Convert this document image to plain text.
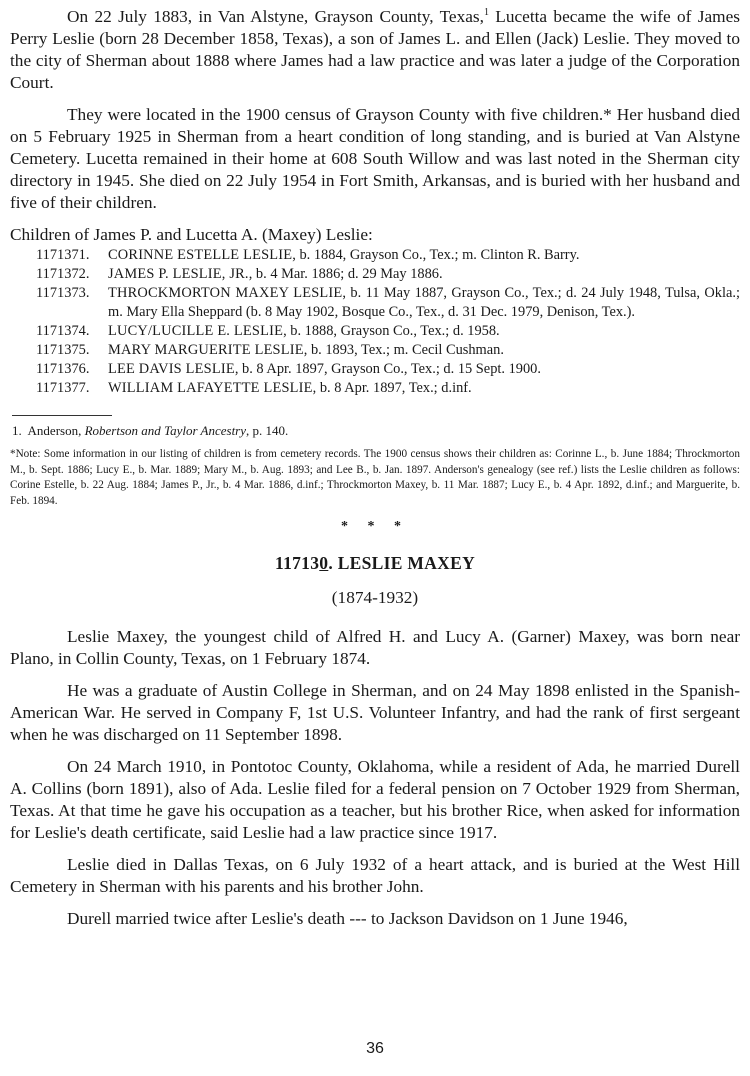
On 22 July 1883, in Van Alstyne, Grayson County, Texas,$^1$ Lucetta became the wife of James Perry Leslie (born 28 December 1858, Texas), a son of James L. and Ellen (Jack) Leslie. They moved to the city of Sherman about 1888 where James had a law practice and was later a judge of the Corporation Court.

They were located in the 1900 census of Grayson County with five children.* Her husband died on 5 February 1925 in Sherman from a heart condition of long standing, and is buried at Van Alstyne Cemetery. Lucetta remained in their home at 608 South Willow and was last noted in the Sherman city directory in 1945. She died on 22 July 1954 in Fort Smith, Arkansas, and is buried with her husband and five of their children.

Children of James P. and Lucetta A. (Maxey) Leslie:
1171371.	CORINNE ESTELLE LESLIE, b. 1884, Grayson Co., Tex.; m. Clinton R. Barry.
1171372.	JAMES P. LESLIE, JR., b. 4 Mar. 1886; d. 29 May 1886.
1171373.	THROCKMORTON MAXEY LESLIE, b. 11 May 1887, Grayson Co., Tex.; d. 24 July 1948, Tulsa, Okla.; m. Mary Ella Sheppard (b. 8 May 1902, Bosque Co., Tex., d. 31 Dec. 1979, Denison, Tex.).
1171374.	LUCY/LUCILLE E. LESLIE, b. 1888, Grayson Co., Tex.; d. 1958.
1171375.	MARY MARGUERITE LESLIE, b. 1893, Tex.; m. Cecil Cushman.
1171376.	LEE DAVIS LESLIE, b. 8 Apr. 1897, Grayson Co., Tex.; d. 15 Sept. 1900.
1171377.	WILLIAM LAFAYETTE LESLIE, b. 8 Apr. 1897, Tex.; d.inf.
1. Anderson, Robertson and Taylor Ancestry, p. 140.
*Note: Some information in our listing of children is from cemetery records. The 1900 census shows their children as: Corinne L., b. June 1884; Throckmorton M., b. Sept. 1886; Lucy E., b. Mar. 1889; Mary M., b. Aug. 1893; and Lee B., b. Jan. 1897. Anderson's genealogy (see ref.) lists the Leslie children as follows: Corine Estelle, b. 22 Aug. 1884; James P., Jr., b. 4 Mar. 1886, d.inf.; Throckmorton Maxey, b. 11 Mar. 1887; Lucy E., b. 4 Apr. 1892, d.inf.; and Marguerite, b. Feb. 1894.
* * *
117130. LESLIE MAXEY
(1874-1932)

Leslie Maxey, the youngest child of Alfred H. and Lucy A. (Garner) Maxey, was born near Plano, in Collin County, Texas, on 1 February 1874.

He was a graduate of Austin College in Sherman, and on 24 May 1898 enlisted in the Spanish-American War. He served in Company F, 1st U.S. Volunteer Infantry, and had the rank of first sergeant when he was discharged on 11 September 1898.

On 24 March 1910, in Pontotoc County, Oklahoma, while a resident of Ada, he married Durell A. Collins (born 1891), also of Ada. Leslie filed for a federal pension on 7 October 1929 from Sherman, Texas. At that time he gave his occupation as a teacher, but his brother Rice, when asked for information for Leslie's death certificate, said Leslie had a law practice since 1917.

Leslie died in Dallas Texas, on 6 July 1932 of a heart attack, and is buried at the West Hill Cemetery in Sherman with his parents and his brother John.

Durell married twice after Leslie's death --- to Jackson Davidson on 1 June 1946,

36
